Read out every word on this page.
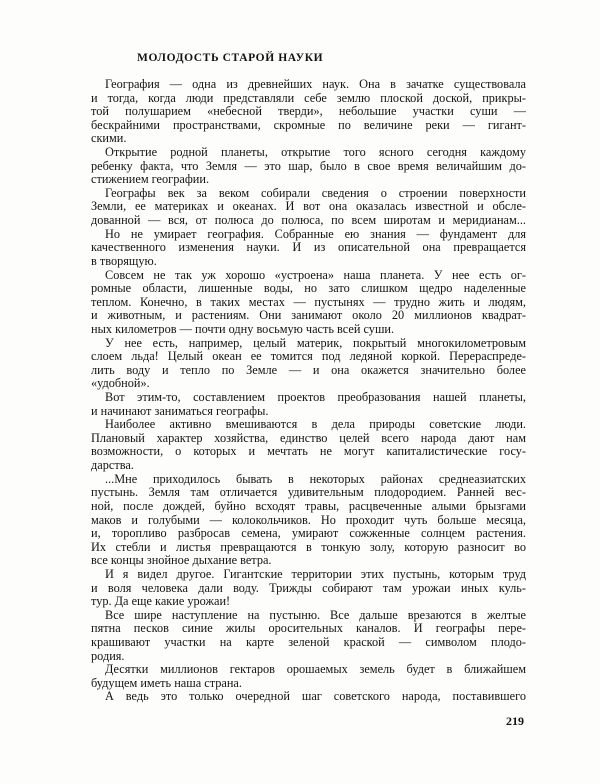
МОЛОДОСТЬ СТАРОЙ НАУКИ
География — одна из древнейших наук. Она в зачатке существовала
и тогда, когда люди представляли себе землю плоской доской, прикры-
той полушарием «небесной тверди», небольшие участки суши —
бескрайними пространствами, скромные по величине реки — гигант-
скими.
Открытие родной планеты, открытие того ясного сегодня каждому
ребенку факта, что Земля — это шар, было в свое время величайшим до-
стижением географии.
Географы век за веком собирали сведения о строении поверхности
Земли, ее материках и океанах. И вот она оказалась известной и обсле-
дованной — вся, от полюса до полюса, по всем широтам и меридианам...
Но не умирает география. Собранные ею знания — фундамент для
качественного изменения науки. И из описательной она превращается
в творящую.
Совсем не так уж хорошо «устроена» наша планета. У нее есть ог-
ромные области, лишенные воды, но зато слишком щедро наделенные
теплом. Конечно, в таких местах — пустынях — трудно жить и людям,
и животным, и растениям. Они занимают около 20 миллионов квадрат-
ных километров — почти одну восьмую часть всей суши.
У нее есть, например, целый материк, покрытый многокилометровым
слоем льда! Целый океан ее томится под ледяной коркой. Перераспреде-
лить воду и тепло по Земле — и она окажется значительно более
«удобной».
Вот этим-то, составлением проектов преобразования нашей планеты,
и начинают заниматься географы.
Наиболее активно вмешиваются в дела природы советские люди.
Плановый характер хозяйства, единство целей всего народа дают нам
возможности, о которых и мечтать не могут капиталистические госу-
дарства.
...Мне приходилось бывать в некоторых районах среднеазиатских
пустынь. Земля там отличается удивительным плодородием. Ранней вес-
ной, после дождей, буйно всходят травы, расцвеченные алыми брызгами
маков и голубыми — колокольчиков. Но проходит чуть больше месяца,
и, торопливо разбросав семена, умирают сожженные солнцем растения.
Их стебли и листья превращаются в тонкую золу, которую разносит во
все концы знойное дыхание ветра.
И я видел другое. Гигантские территории этих пустынь, которым труд
и воля человека дали воду. Трижды собирают там урожаи иных куль-
тур. Да еще какие урожаи!
Все шире наступление на пустыню. Все дальше врезаются в желтые
пятна песков синие жилы оросительных каналов. И географы пере-
крашивают участки на карте зеленой краской — символом плодо-
родия.
Десятки миллионов гектаров орошаемых земель будет в ближайшем
будущем иметь наша страна.
А ведь это только очередной шаг советского народа, поставившего
219
